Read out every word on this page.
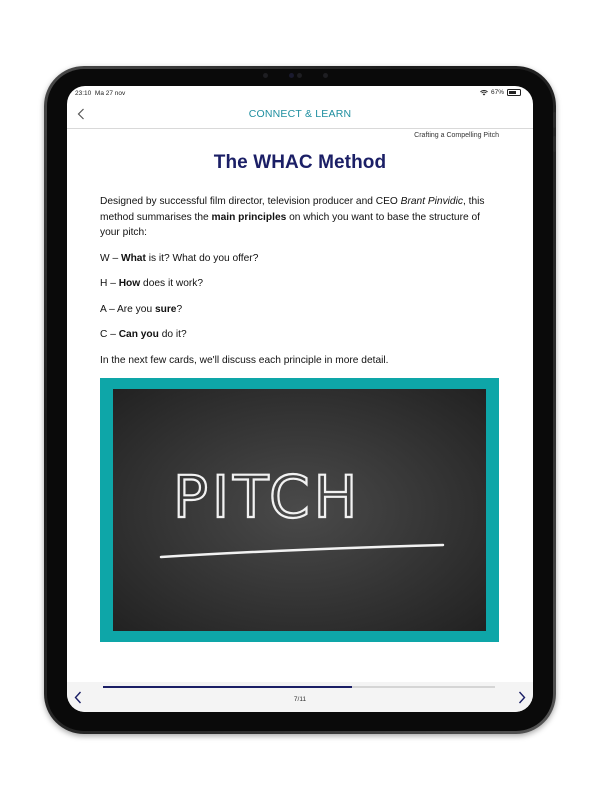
23:10 Ma 27 nov	67%
CONNECT & LEARN
Crafting a Compelling Pitch
The WHAC Method

Designed by successful film director, television producer and CEO Brant Pinvidic, this method summarises the main principles on which you want to base the structure of your pitch:

W – What is it? What do you offer?

H – How does it work?

A – Are you sure?

C – Can you do it?

In the next few cards, we'll discuss each principle in more detail.

PITCH
7/11
